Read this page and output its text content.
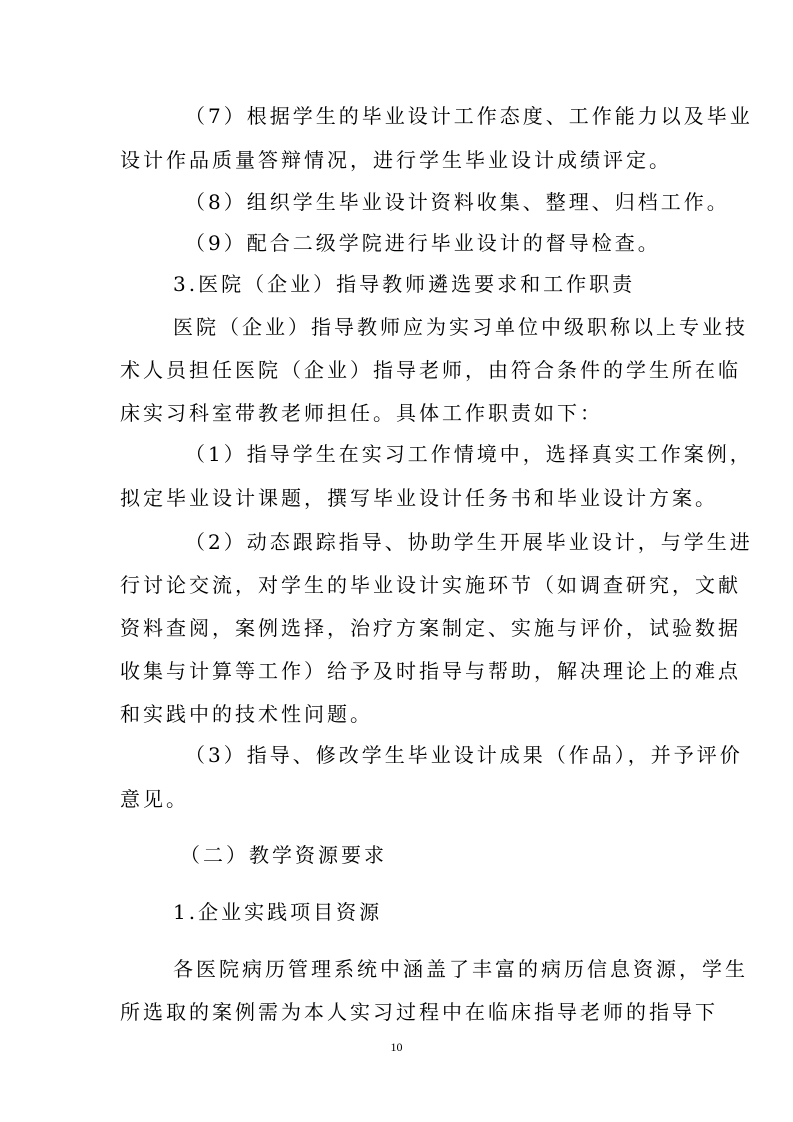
（7）根据学生的毕业设计工作态度、工作能力以及毕业
设计作品质量答辩情况，进行学生毕业设计成绩评定。
（8）组织学生毕业设计资料收集、整理、归档工作。
（9）配合二级学院进行毕业设计的督导检查。
3.医院（企业）指导教师遴选要求和工作职责
医院（企业）指导教师应为实习单位中级职称以上专业技
术人员担任医院（企业）指导老师，由符合条件的学生所在临
床实习科室带教老师担任。具体工作职责如下：
（1）指导学生在实习工作情境中，选择真实工作案例，
拟定毕业设计课题，撰写毕业设计任务书和毕业设计方案。
（2）动态跟踪指导、协助学生开展毕业设计，与学生进
行讨论交流，对学生的毕业设计实施环节（如调查研究，文献
资料查阅，案例选择，治疗方案制定、实施与评价，试验数据
收集与计算等工作）给予及时指导与帮助，解决理论上的难点
和实践中的技术性问题。
（3）指导、修改学生毕业设计成果（作品），并予评价
意见。
（二）教学资源要求
1.企业实践项目资源
各医院病历管理系统中涵盖了丰富的病历信息资源，学生
所选取的案例需为本人实习过程中在临床指导老师的指导下
10
